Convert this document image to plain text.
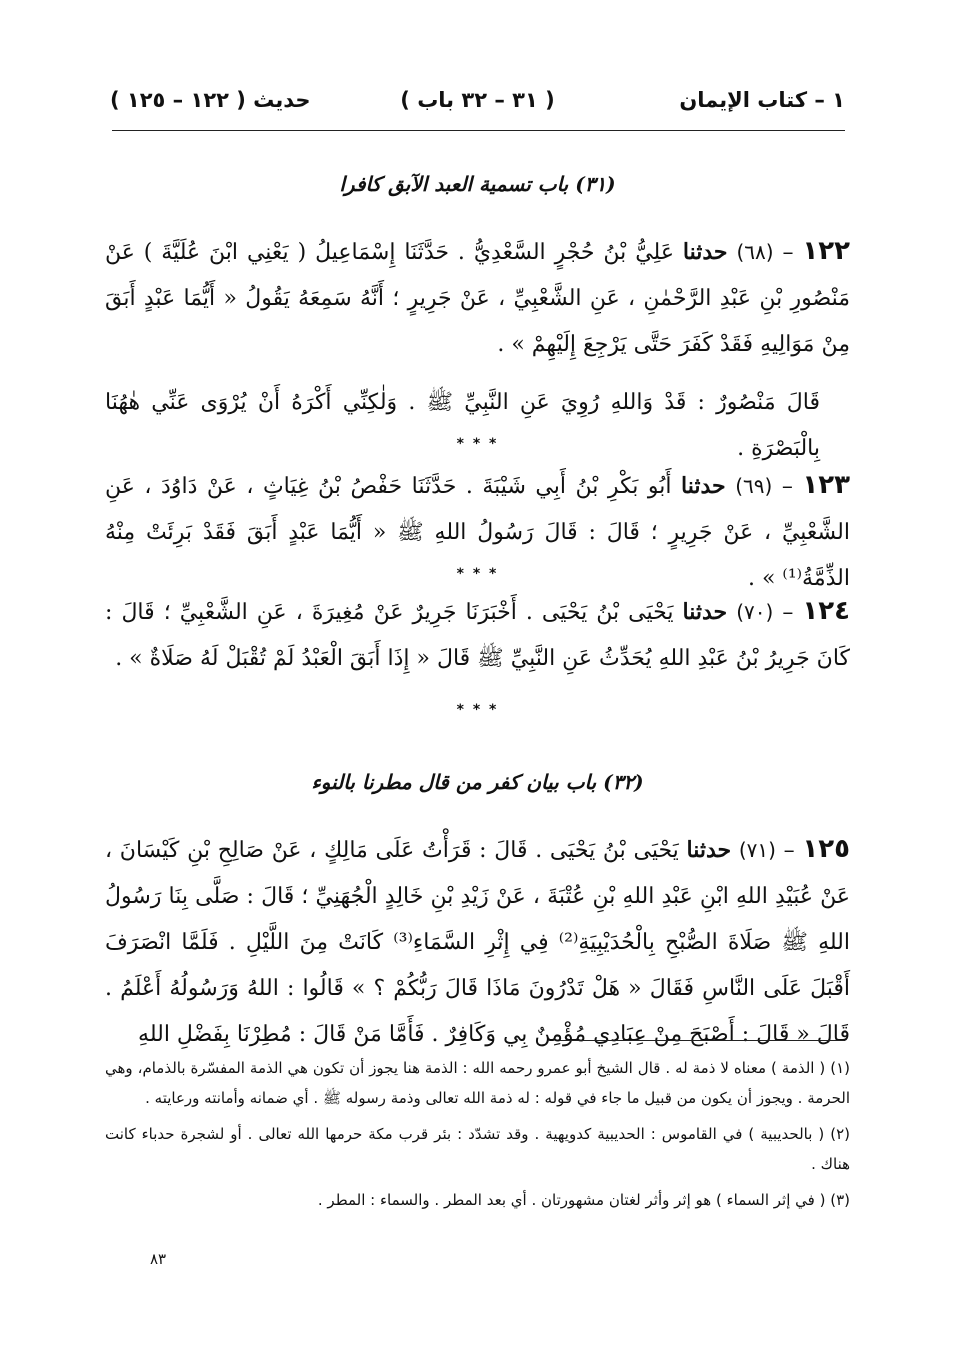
١ – كتاب الإيمان
( ٣١ – ٣٢ باب )
حديث ( ١٢٢ – ١٢٥ )
(٣١) باب تسمية العبد الآبق كافرا
١٢٢ – (٦٨) حدثنا عَلِيُّ بْنُ حُجْرٍ السَّعْدِيُّ . حَدَّثَنَا إِسْمَاعِيلُ ( يَعْنِي ابْنَ عُلَيَّةَ ) عَنْ مَنْصُورِ بْنِ عَبْدِ الرَّحْمٰنِ ، عَنِ الشَّعْبِيِّ ، عَنْ جَرِيرٍ ؛ أَنَّهُ سَمِعَهُ يَقُولُ « أَيُّمَا عَبْدٍ أَبَقَ مِنْ مَوَالِيهِ فَقَدْ كَفَرَ حَتَّى يَرْجِعَ إِلَيْهِمْ » .
قَالَ مَنْصُورٌ : قَدْ وَاللهِ رُوِيَ عَنِ النَّبِيِّ ﷺ . وَلٰكِنِّي أَكْرَهُ أَنْ يُرْوَى عَنِّي هٰهُنَا بِالْبَصْرَةِ .
* * *
١٢٣ – (٦٩) حدثنا أَبُو بَكْرِ بْنُ أَبِي شَيْبَةَ . حَدَّثَنَا حَفْصُ بْنُ غِيَاثٍ ، عَنْ دَاوُدَ ، عَنِ الشَّعْبِيِّ ، عَنْ جَرِيرٍ ؛ قَالَ : قَالَ رَسُولُ اللهِ ﷺ « أَيُّمَا عَبْدٍ أَبَقَ فَقَدْ بَرِئَتْ مِنْهُ الذِّمَّةُ⁽¹⁾ » .
* * *
١٢٤ – (٧٠) حدثنا يَحْيَى بْنُ يَحْيَى . أَخْبَرَنَا جَرِيرٌ عَنْ مُغِيرَةَ ، عَنِ الشَّعْبِيِّ ؛ قَالَ : كَانَ جَرِيرُ بْنُ عَبْدِ اللهِ يُحَدِّثُ عَنِ النَّبِيِّ ﷺ قَالَ « إِذَا أَبَقَ الْعَبْدُ لَمْ تُقْبَلْ لَهُ صَلَاةٌ » .
* * *
(٣٢) باب بيان كفر من قال مطرنا بالنوء
١٢٥ – (٧١) حدثنا يَحْيَى بْنُ يَحْيَى . قَالَ : قَرَأْتُ عَلَى مَالِكٍ ، عَنْ صَالِحِ بْنِ كَيْسَانَ ، عَنْ عُبَيْدِ اللهِ ابْنِ عَبْدِ اللهِ بْنِ عُتْبَةَ ، عَنْ زَيْدِ بْنِ خَالِدٍ الْجُهَنِيِّ ؛ قَالَ : صَلَّى بِنَا رَسُولُ اللهِ ﷺ صَلَاةَ الصُّبْحِ بِالْحُدَيْبِيَةِ⁽²⁾ فِي إِثْرِ السَّمَاءِ⁽³⁾ كَانَتْ مِنَ اللَّيْلِ . فَلَمَّا انْصَرَفَ أَقْبَلَ عَلَى النَّاسِ فَقَالَ « هَلْ تَدْرُونَ مَاذَا قَالَ رَبُّكُمْ ؟ » قَالُوا : اللهُ وَرَسُولُهُ أَعْلَمُ . قَالَ « قَالَ : أَصْبَحَ مِنْ عِبَادِي مُؤْمِنٌ بِي وَكَافِرٌ . فَأَمَّا مَنْ قَالَ : مُطِرْنَا بِفَضْلِ اللهِ

(١) ( الذمة ) معناه لا ذمة له . قال الشيخ أبو عمرو رحمه الله : الذمة هنا يجوز أن تكون هي الذمة المفسّرة بالذمام، وهي الحرمة . ويجوز أن يكون من قبيل ما جاء في قوله : له ذمة الله تعالى وذمة رسوله ﷺ . أي ضمانه وأمانته ورعايته .

(٢) ( بالحديبية ) في القاموس : الحديبية كدويهية . وقد تشدّد : بئر قرب مكة حرمها الله تعالى . أو لشجرة حدباء كانت هناك .

(٣) ( في إثر السماء ) هو إثر وأثر لغتان مشهورتان . أي بعد المطر . والسماء : المطر .

٨٣
